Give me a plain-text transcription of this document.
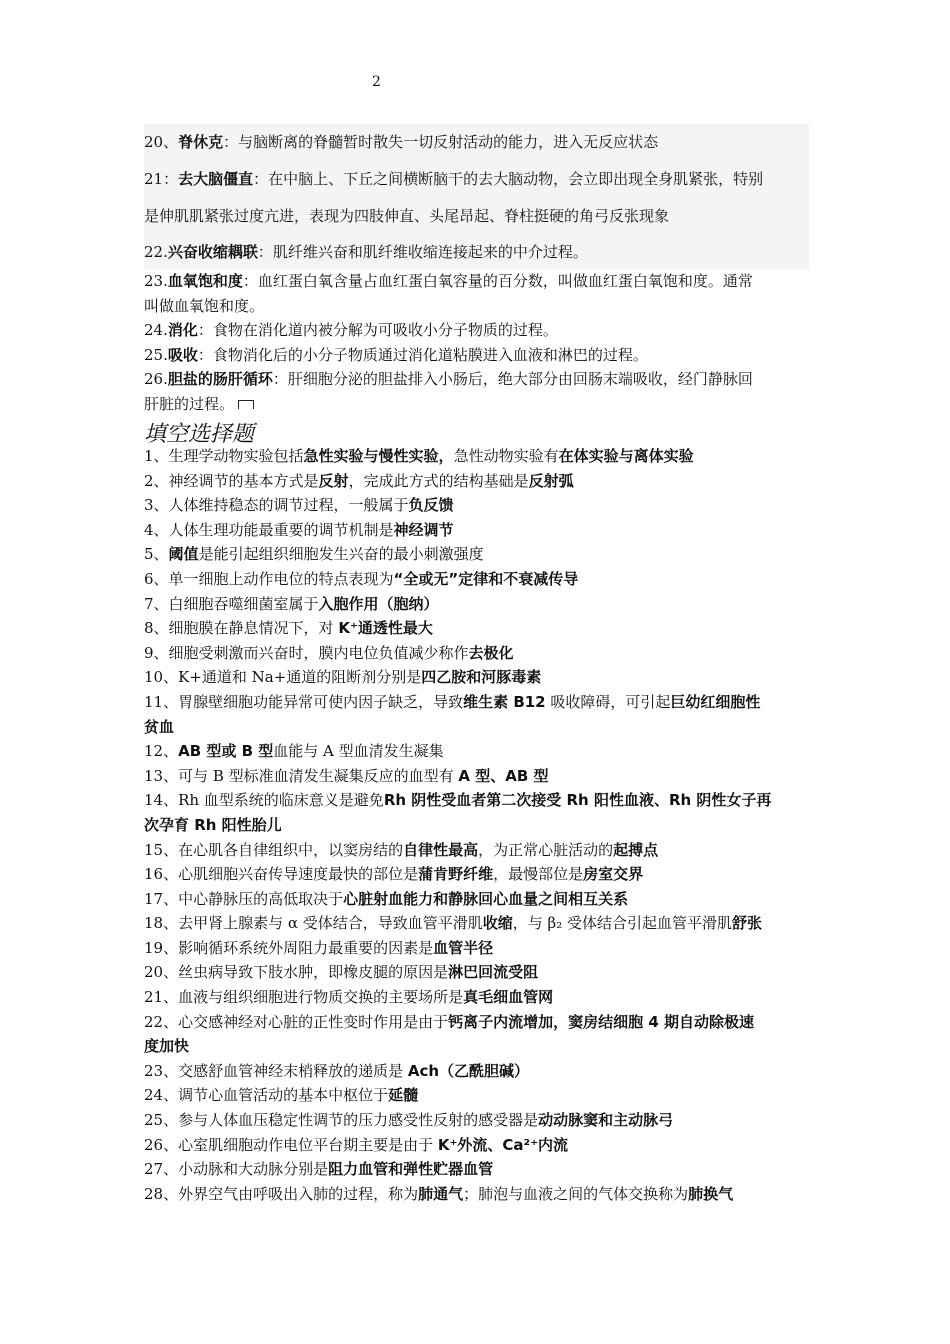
2

20、脊休克：与脑断离的脊髓暂时散失一切反射活动的能力，进入无反应状态

21：去大脑僵直：在中脑上、下丘之间横断脑干的去大脑动物，会立即出现全身肌紧张，特别

是伸肌肌紧张过度亢进，表现为四肢伸直、头尾昂起、脊柱挺硬的角弓反张现象

22.兴奋收缩耦联：肌纤维兴奋和肌纤维收缩连接起来的中介过程。

23.血氧饱和度：血红蛋白氧含量占血红蛋白氧容量的百分数，叫做血红蛋白氧饱和度。通常

叫做血氧饱和度。

24.消化：食物在消化道内被分解为可吸收小分子物质的过程。

25.吸收：食物消化后的小分子物质通过消化道粘膜进入血液和淋巴的过程。

26.胆盐的肠肝循环：肝细胞分泌的胆盐排入小肠后，绝大部分由回肠末端吸收，经门静脉回

肝脏的过程。

填空选择题

1、生理学动物实验包括急性实验与慢性实验，急性动物实验有在体实验与离体实验

2、神经调节的基本方式是反射，完成此方式的结构基础是反射弧

3、人体维持稳态的调节过程，一般属于负反馈

4、人体生理功能最重要的调节机制是神经调节

5、阈值是能引起组织细胞发生兴奋的最小刺激强度

6、单一细胞上动作电位的特点表现为“全或无”定律和不衰减传导

7、白细胞吞噬细菌室属于入胞作用（胞纳）

8、细胞膜在静息情况下，对 K⁺通透性最大

9、细胞受刺激而兴奋时，膜内电位负值减少称作去极化

10、K+通道和 Na+通道的阻断剂分别是四乙胺和河豚毒素

11、胃腺壁细胞功能异常可使内因子缺乏，导致维生素 B12 吸收障碍，可引起巨幼红细胞性

贫血

12、AB 型或 B 型血能与 A 型血清发生凝集

13、可与 B 型标准血清发生凝集反应的血型有 A 型、AB 型

14、Rh 血型系统的临床意义是避免Rh 阴性受血者第二次接受 Rh 阳性血液、Rh 阴性女子再

次孕育 Rh 阳性胎儿

15、在心肌各自律组织中，以窦房结的自律性最高，为正常心脏活动的起搏点

16、心肌细胞兴奋传导速度最快的部位是蒲肯野纤维，最慢部位是房室交界

17、中心静脉压的高低取决于心脏射血能力和静脉回心血量之间相互关系

18、去甲肾上腺素与 α 受体结合，导致血管平滑肌收缩，与 β₂ 受体结合引起血管平滑肌舒张

19、影响循环系统外周阻力最重要的因素是血管半径

20、丝虫病导致下肢水肿，即橡皮腿的原因是淋巴回流受阻

21、血液与组织细胞进行物质交换的主要场所是真毛细血管网

22、心交感神经对心脏的正性变时作用是由于钙离子内流增加，窦房结细胞 4 期自动除极速

度加快

23、交感舒血管神经末梢释放的递质是 Ach（乙酰胆碱）

24、调节心血管活动的基本中枢位于延髓

25、参与人体血压稳定性调节的压力感受性反射的感受器是动动脉窦和主动脉弓

26、心室肌细胞动作电位平台期主要是由于 K⁺外流、Ca²⁺内流

27、小动脉和大动脉分别是阻力血管和弹性贮器血管

28、外界空气由呼吸出入肺的过程，称为肺通气；肺泡与血液之间的气体交换称为肺换气
